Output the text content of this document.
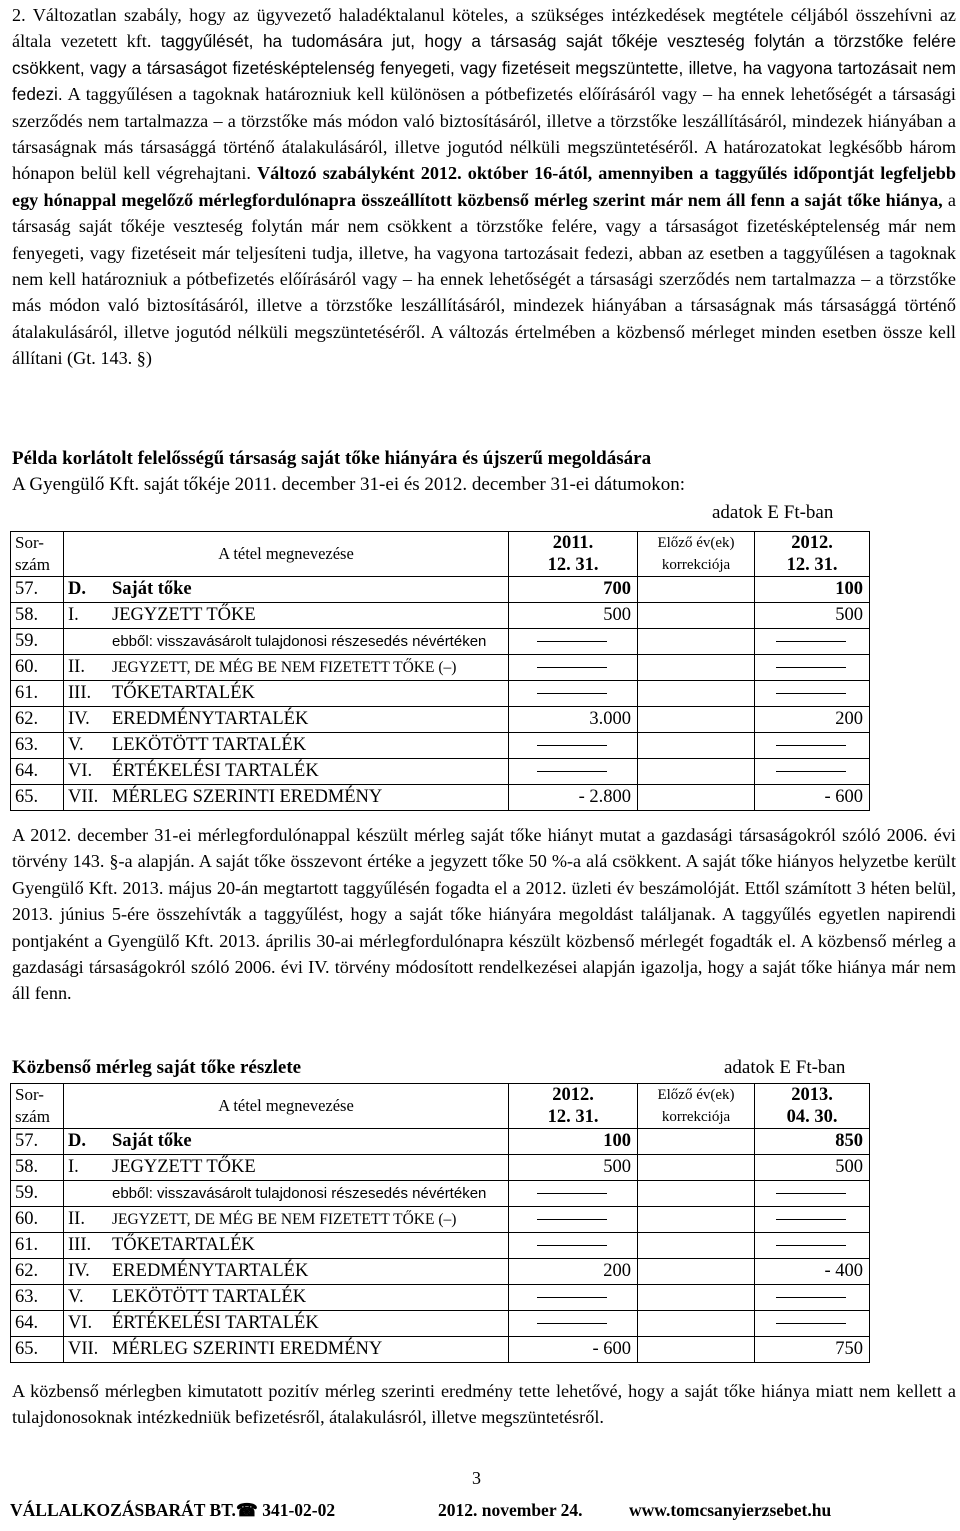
2. Változatlan szabály, hogy az ügyvezető haladéktalanul köteles, a szükséges intézkedések megtétele céljából összehívni az általa vezetett kft. taggyűlését, ha tudomására jut, hogy a társaság saját tőkéje veszteség folytán a törzstőke felére csökkent, vagy a társaságot fizetésképtelenség fenyegeti, vagy fizetéseit megszüntette, illetve, ha vagyona tartozásait nem fedezi. A taggyűlésen a tagoknak határozniuk kell különösen a pótbefizetés előírásáról vagy – ha ennek lehetőségét a társasági szerződés nem tartalmazza – a törzstőke más módon való biztosításáról, illetve a törzstőke leszállításáról, mindezek hiányában a társaságnak más társasággá történő átalakulásáról, illetve jogutód nélküli megszüntetéséről. A határozatokat legkésőbb három hónapon belül kell végrehajtani. Változó szabályként 2012. október 16-ától, amennyiben a taggyűlés időpontját legfeljebb egy hónappal megelőző mérlegfordulónapra összeállított közbenső mérleg szerint már nem áll fenn a saját tőke hiánya, a társaság saját tőkéje veszteség folytán már nem csökkent a törzstőke felére, vagy a társaságot fizetésképtelenség már nem fenyegeti, vagy fizetéseit már teljesíteni tudja, illetve, ha vagyona tartozásait fedezi, abban az esetben a taggyűlésen a tagoknak nem kell határozniuk a pótbefizetés előírásáról vagy – ha ennek lehetőségét a társasági szerződés nem tartalmazza – a törzstőke más módon való biztosításáról, illetve a törzstőke leszállításáról, mindezek hiányában a társaságnak más társasággá történő átalakulásáról, illetve jogutód nélküli megszüntetéséről. A változás értelmében a közbenső mérleget minden esetben össze kell állítani (Gt. 143. §)

Példa korlátolt felelősségű társaság saját tőke hiányára és újszerű megoldására
A Gyengülő Kft. saját tőkéje 2011. december 31-ei és 2012. december 31-ei dátumokon:
adatok E Ft-ban
Sor-
szám	A tétel megnevezése		2011.
12. 31.	Előző év(ek)
korrekciója	2012.
12. 31.
57.	D.	Saját tőke	700		100
58.	I.	JEGYZETT TŐKE	500		500
59.		ebből: visszavásárolt tulajdonosi részesedés névértéken			
60.	II.	JEGYZETT, DE MÉG BE NEM FIZETETT TŐKE (–)			
61.	III.	TŐKETARTALÉK			
62.	IV.	EREDMÉNYTARTALÉK	3.000		200
63.	V.	LEKÖTÖTT TARTALÉK			
64.	VI.	ÉRTÉKELÉSI TARTALÉK			
65.	VII.	MÉRLEG SZERINTI EREDMÉNY	- 2.800		- 600

A 2012. december 31-ei mérlegfordulónappal készült mérleg saját tőke hiányt mutat a gazdasági társaságokról szóló 2006. évi törvény 143. §-a alapján. A saját tőke összevont értéke a jegyzett tőke 50 %-a alá csökkent. A saját tőke hiányos helyzetbe került Gyengülő Kft. 2013. május 20-án megtartott taggyűlésén fogadta el a 2012. üzleti év beszámolóját. Ettől számított 3 héten belül, 2013. június 5-ére összehívták a taggyűlést, hogy a saját tőke hiányára megoldást találjanak. A taggyűlés egyetlen napirendi pontjaként a Gyengülő Kft. 2013. április 30-ai mérlegfordulónapra készült közbenső mérlegét fogadták el. A közbenső mérleg a gazdasági társaságokról szóló 2006. évi IV. törvény módosított rendelkezései alapján igazolja, hogy a saját tőke hiánya már nem áll fenn.

Közbenső mérleg saját tőke részlete	adatok E Ft-ban
Sor-
szám	A tétel megnevezése		2012.
12. 31.	Előző év(ek)
korrekciója	2013.
04. 30.
57.	D.	Saját tőke	100		850
58.	I.	JEGYZETT TŐKE	500		500
59.		ebből: visszavásárolt tulajdonosi részesedés névértéken			
60.	II.	JEGYZETT, DE MÉG BE NEM FIZETETT TŐKE (–)			
61.	III.	TŐKETARTALÉK			
62.	IV.	EREDMÉNYTARTALÉK	200		- 400
63.	V.	LEKÖTÖTT TARTALÉK			
64.	VI.	ÉRTÉKELÉSI TARTALÉK			
65.	VII.	MÉRLEG SZERINTI EREDMÉNY	- 600		750

A közbenső mérlegben kimutatott pozitív mérleg szerinti eredmény tette lehetővé, hogy a saját tőke hiánya miatt nem kellett a tulajdonosoknak intézkedniük befizetésről, átalakulásról, illetve megszüntetésről.

3
VÁLLALKOZÁSBARÁT BT. ☎ 341-02-02	2012. november 24.	www.tomcsanyierzsebet.hu
